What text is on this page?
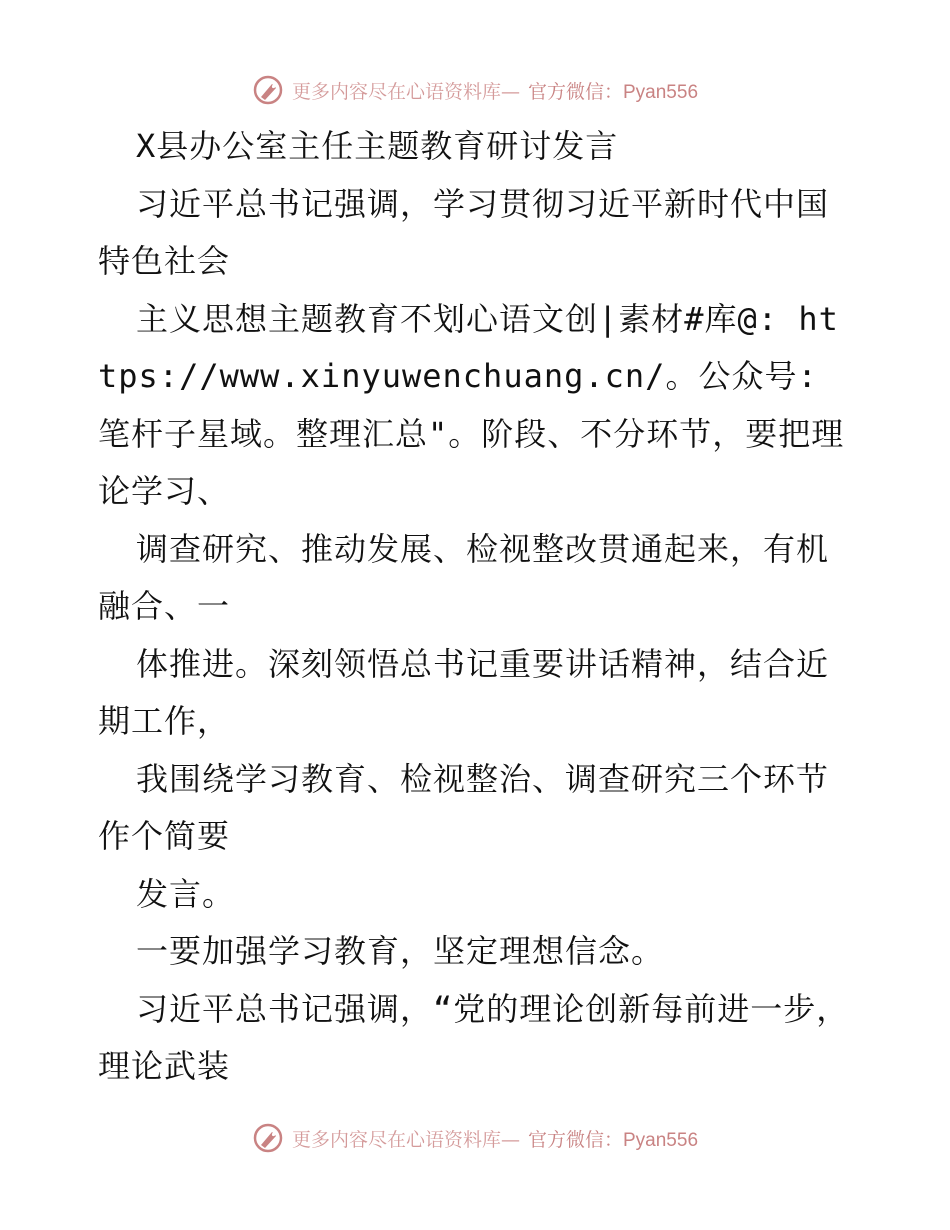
更多内容尽在心语资料库— 官方微信：Pyan556

X县办公室主任主题教育研讨发言

习近平总书记强调，学习贯彻习近平新时代中国特色社会

主义思想主题教育不划心语文创|素材#库@: https://www.xinyuwenchuang.cn/。公众号: 笔杆子星域。整理汇总"。阶段、不分环节，要把理论学习、

调查研究、推动发展、检视整改贯通起来，有机融合、一

体推进。深刻领悟总书记重要讲话精神，结合近期工作，

我围绕学习教育、检视整治、调查研究三个环节作个简要

发言。

一要加强学习教育，坚定理想信念。

习近平总书记强调，“党的理论创新每前进一步，理论武装

更多内容尽在心语资料库— 官方微信：Pyan556
